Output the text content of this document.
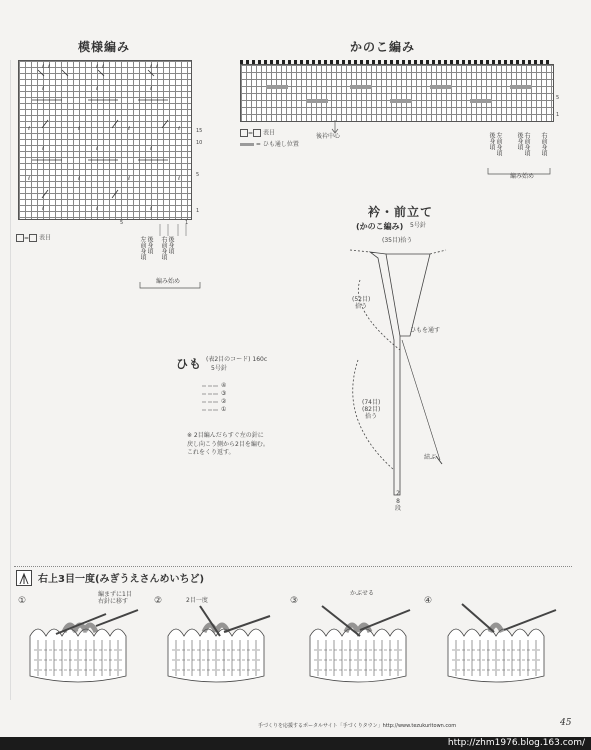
模様編み
ℓ ℓ	ℓ ℓ	ℓ ℓ
ℓ	ℓ	ℓ
ℓ	ℓ	ℓ	ℓ
ℓ	ℓ	ℓ
ℓ	ℓ	ℓ	ℓ
ℓ	ℓ	ℓ
15
10
5
1
5	1
= 表目	左前身頃 後身頃 右前身頃 後身頃
編み始め
かのこ編み
5
1
= 表目
= ひも通し位置
後衿中心	後身頃 左前身頃 後身頃 右前身頃 右前身頃
編み始め
衿・前立て
(かのこ編み) 5号針
(35目)拾う
(52目)
拾う
ひもを通す
(74目)
(82目)
拾う
結ぶ
2
8
段
ひも (表2目のコード) 160c
5号針
④
③
②
①
※ 2目編んだらすぐ左の針に
戻し向こう側から2目を編む。
これをくり返す。
右上3目一度(みぎうえさんめいちど)
①	②	③	④
編まずに1目
右針に移す	2目一度
かぶせる
手づくりを応援するポータルサイト「手づくりタウン」http://www.tezukuritown.com	45
http://zhm1976.blog.163.com/
